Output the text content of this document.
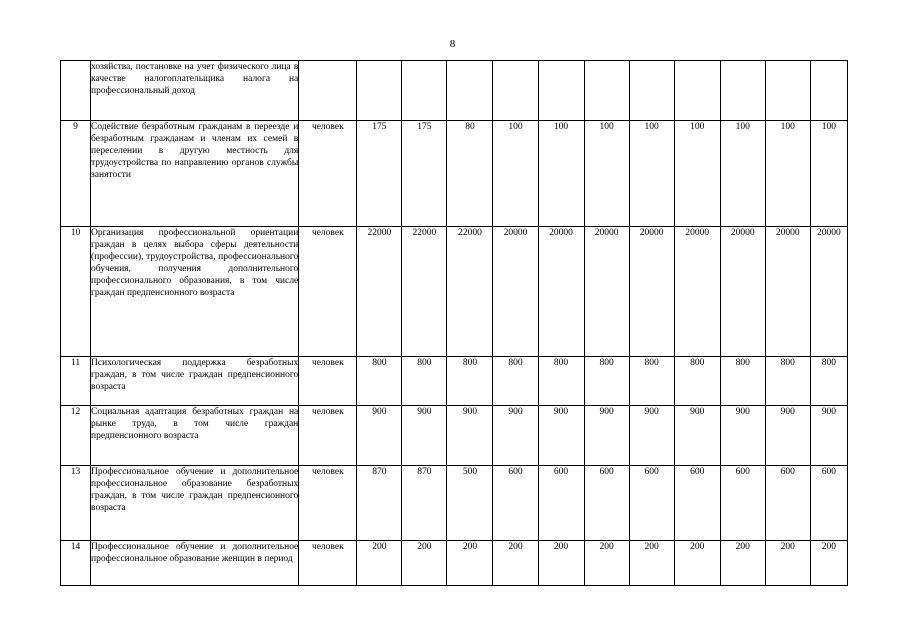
8
	хозяйства, постановке на учет физического лица в качестве налогоплательщика налога на профессиональный доход												
9	Содействие безработным гражданам в переезде и безработным гражданам и членам их семей в переселении в другую местность для трудоустройства по направлению органов службы занятости	человек	175	175	80	100	100	100	100	100	100	100	100
10	Организация профессиональной ориентации граждан в целях выбора сферы деятельности (профессии), трудоустройства, профессионального обучения, получения дополнительного профессионального образования, в том числе граждан предпенсионного возраста	человек	22000	22000	22000	20000	20000	20000	20000	20000	20000	20000	20000
11	Психологическая поддержка безработных граждан, в том числе граждан предпенсионного возраста	человек	800	800	800	800	800	800	800	800	800	800	800
12	Социальная адаптация безработных граждан на рынке труда, в том числе граждан предпенсионного возраста	человек	900	900	900	900	900	900	900	900	900	900	900
13	Профессиональное обучение и дополнительное профессиональное образование безработных граждан, в том числе граждан предпенсионного возраста	человек	870	870	500	600	600	600	600	600	600	600	600
14	Профессиональное обучение и дополнительное профессиональное образование женщин в период	человек	200	200	200	200	200	200	200	200	200	200	200
